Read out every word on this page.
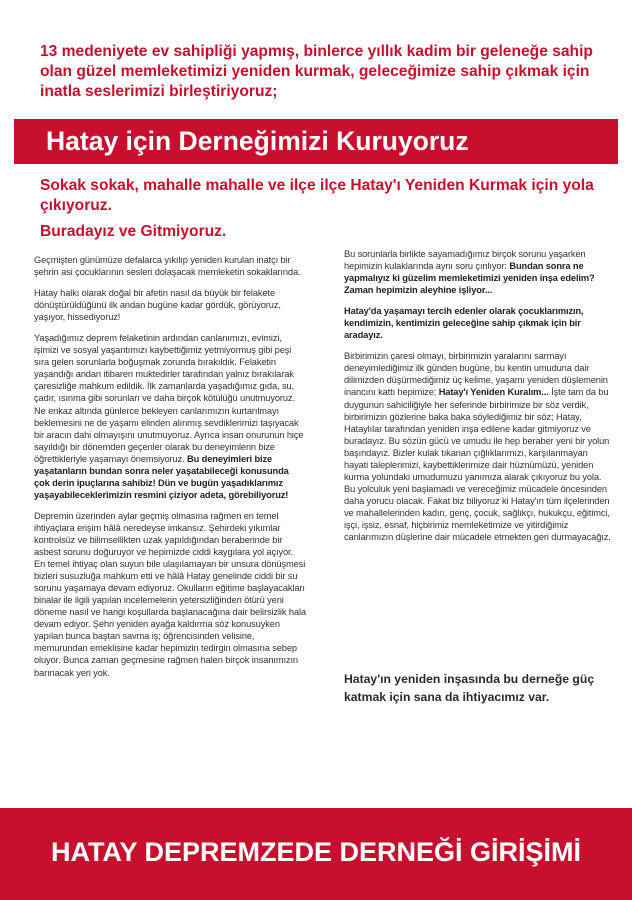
13 medeniyete ev sahipliği yapmış, binlerce yıllık kadim bir geleneğe sahip olan güzel memleketimizi yeniden kurmak, geleceğimize sahip çıkmak için inatla seslerimizi birleştiriyoruz;

Hatay için Derneğimizi Kuruyoruz

Sokak sokak, mahalle mahalle ve ilçe ilçe Hatay'ı Yeniden Kurmak için yola çıkıyoruz.

Buradayız ve Gitmiyoruz.

Geçmişten günümüze defalarca yıkılıp yeniden kurulan inatçı bir şehrin asi çocuklarının sesleri dolaşacak memleketin sokaklarında.

Hatay halkı olarak doğal bir afetin nasıl da büyük bir felakete dönüştürüldüğünü ilk andan bugüne kadar gördük, görüyoruz, yaşıyor, hissediyoruz!

Yaşadığımız deprem felaketinin ardından canlanımızı, evimizi, işimizi ve sosyal yaşantımızı kaybettiğimiz yetmiyormuş gibi peşi sıra gelen sorunlarla boğuşmak zorunda bırakıldık. Felaketin yaşandığı andan itibaren muktedirler tarafından yalnız bırakılarak çaresizliğe mahkum edildik. İlk zamanlarda yaşadığımız gıda, su, çadır, ısınma gibi sorunları ve daha birçok kötülüğü unutmuyoruz. Ne enkaz altında günlerce bekleyen canlarımızın kurtarılmayı beklemesini ne de yaşamı elinden alınmış sevdiklerimizi taşıyacak bir aracın dahi olmayışını unutmuyoruz. Ayrıca insan onurunun hiçe sayıldığı bir dönemden geçenler olarak bu deneyimlerin bize öğrettikleriyle yaşamayı önemsiyoruz. Bu deneyimleri bize yaşatanların bundan sonra neler yaşatabileceği konusunda çok derin ipuçlarına sahibiz! Dün ve bugün yaşadıklarımız yaşayabileceklerimizin resmini çiziyor adeta, görebiliyoruz!

Depremin üzerinden aylar geçmiş olmasına rağmen en temel ihtiyaçlara erişim hâlâ neredeyse imkansız. Şehirdeki yıkımlar kontrolsüz ve bilimsellikten uzak yapıldığından beraberinde bir asbest sorunu doğuruyor ve hepimizde ciddi kaygılara yol açıyor. En temel ihtiyaç olan suyun bile ulaşılamayan bir unsura dönüşmesi bizleri susuzluğa mahkum etti ve hâlâ Hatay genelinde ciddi bir su sorunu yaşamaya devam ediyoruz. Okulların eğitime başlayacakları binalar ile ilgili yapılan incelemelerin yetersizliğinden ötürü yeni döneme nasıl ve hangi koşullarda başlanacağına dair belirsizlik hala devam ediyor. Şehri yeniden ayağa kaldırma söz konusuyken yapılan bunca baştan savma iş; öğrencisinden velisine, memurundan emeklisine kadar hepimizin tedirgin olmasına sebep oluyor. Bunca zaman geçmesine rağmen halen birçok insanımızın barınacak yeri yok.

Bu sorunlarla birlikte sayamadığımız birçok sorunu yaşarken hepimizin kulaklarında aynı soru çınlıyor: Bundan sonra ne yapmalıyız ki güzelim memleketimizi yeniden inşa edelim? Zaman hepimizin aleyhine işliyor...

Hatay'da yaşamayı tercih edenler olarak çocuklarımızın, kendimizin, kentimizin geleceğine sahip çıkmak için bir aradayız.

Birbirimizin çaresi olmayı, birbirimizin yaralarını sarmayı deneyimlediğimiz ilk günden bugüne, bu kentin umuduna dair dilimizden düşürmediğimiz üç kelime, yaşamı yeniden düşlemenin inancını kattı hepimize; Hatay'ı Yeniden Kuralım... İşte tam da bu duygunun sahiciliğiyle her seferinde birbirimize bir söz verdik, birbirimizin gözlerine baka baka söylediğimiz bir söz; Hatay, Hataylılar tarafından yeniden inşa edilene kadar gitmiyoruz ve buradayız. Bu sözün gücü ve umudu ile hep beraber yeni bir yolun başındayız. Bizler kulak tıkanan çığlıklarımızı, karşılanmayan hayati taleplerimizi, kaybettiklerimize dair hüznümüzü, yeniden kurma yolundaki umudumuzu yanımıza alarak çıkıyoruz bu yola. Bu yolculuk yeni başlamadı ve vereceğimiz mücadele öncesinden daha yorucu olacak. Fakat biz biliyoruz ki Hatay'ın tüm ilçelerinden ve mahallelerinden kadın, genç, çocuk, sağlıkçı, hukukçu, eğitimci, işçi, işsiz, esnaf, hiçbirimiz memleketimize ve yitirdiğimiz canlarımızın düşlerine dair mücadele etmekten geri durmayacağız.

Hatay'ın yeniden inşasında bu derneğe güç katmak için sana da ihtiyacımız var.

HATAY DEPREMZEDE DERNEĞİ GİRİŞİMİ
